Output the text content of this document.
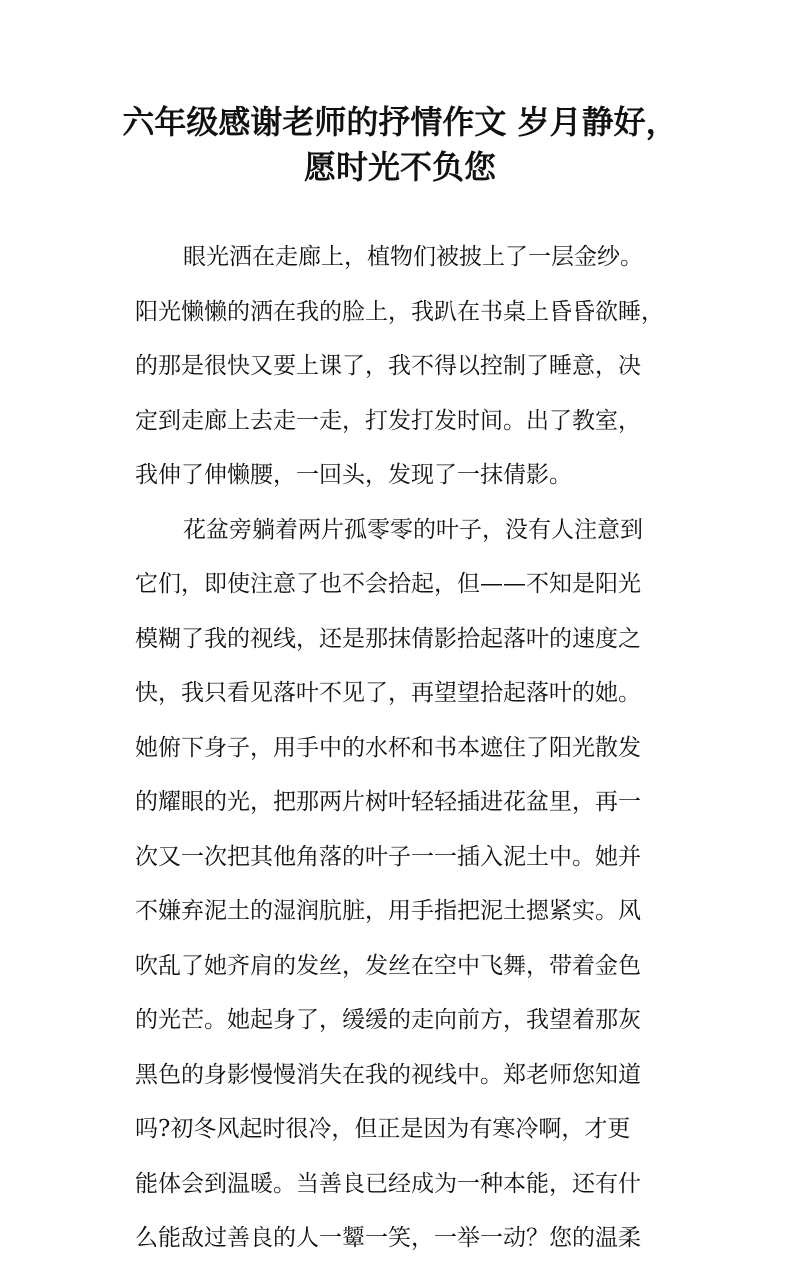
六年级感谢老师的抒情作文 岁月静好，
愿时光不负您
眼光洒在走廊上，植物们被披上了一层金纱。
阳光懒懒的洒在我的脸上，我趴在书桌上昏昏欲睡，
的那是很快又要上课了，我不得以控制了睡意，决
定到走廊上去走一走，打发打发时间。出了教室，
我伸了伸懒腰，一回头，发现了一抹倩影。
花盆旁躺着两片孤零零的叶子，没有人注意到
它们，即使注意了也不会拾起，但——不知是阳光
模糊了我的视线，还是那抹倩影拾起落叶的速度之
快，我只看见落叶不见了，再望望拾起落叶的她。
她俯下身子，用手中的水杯和书本遮住了阳光散发
的耀眼的光，把那两片树叶轻轻插进花盆里，再一
次又一次把其他角落的叶子一一插入泥土中。她并
不嫌弃泥土的湿润肮脏，用手指把泥土摁紧实。风
吹乱了她齐肩的发丝，发丝在空中飞舞，带着金色
的光芒。她起身了，缓缓的走向前方，我望着那灰
黑色的身影慢慢消失在我的视线中。郑老师您知道
吗?初冬风起时很冷，但正是因为有寒冷啊，才更
能体会到温暖。当善良已经成为一种本能，还有什
么能敌过善良的人一颦一笑，一举一动？您的温柔
